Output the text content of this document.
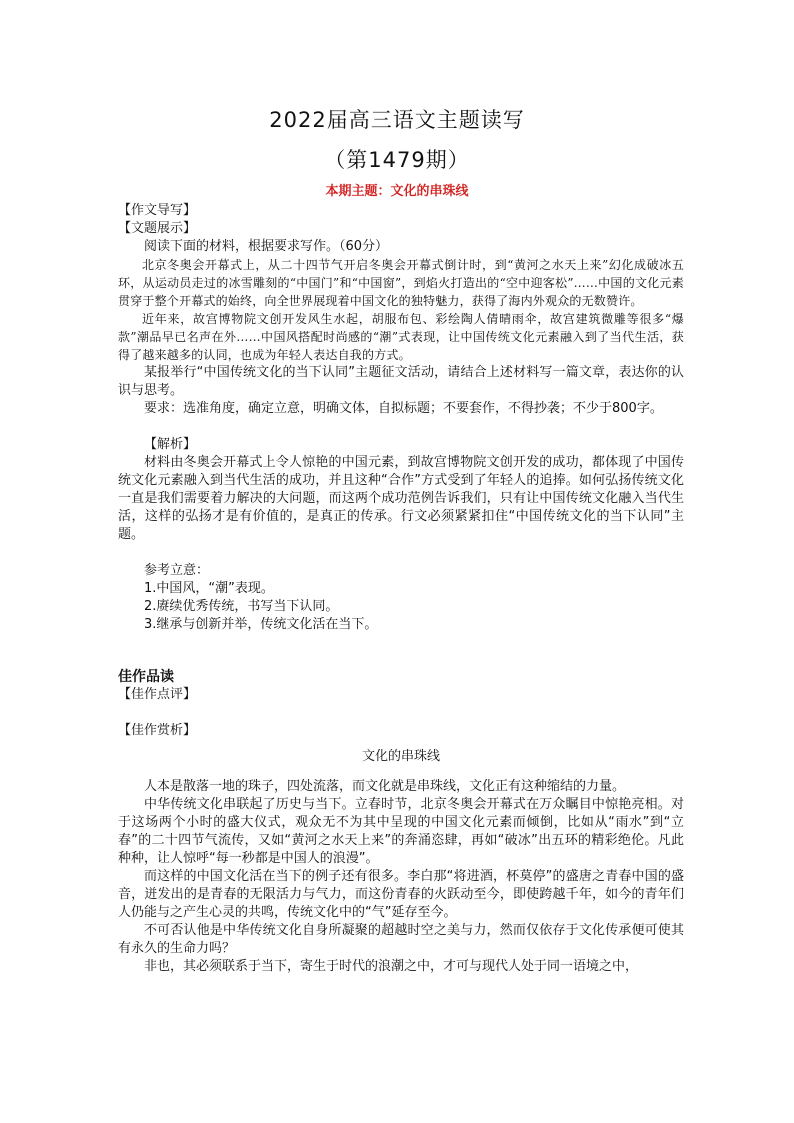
2022届高三语文主题读写
（第1479期）
本期主题：文化的串珠线

【作文导写】

【文题展示】

阅读下面的材料，根据要求写作。（60分）

北京冬奥会开幕式上，从二十四节气开启冬奥会开幕式倒计时，到“黄河之水天上来”幻化成破冰五环，从运动员走过的冰雪雕刻的“中国门”和“中国窗”，到焰火打造出的“空中迎客松”……中国的文化元素贯穿于整个开幕式的始终，向全世界展现着中国文化的独特魅力，获得了海内外观众的无数赞许。

近年来，故宫博物院文创开发风生水起，胡服布包、彩绘陶人倩晴雨伞，故宫建筑微雕等很多“爆款”潮品早已名声在外……中国风搭配时尚感的“潮”式表现，让中国传统文化元素融入到了当代生活，获得了越来越多的认同，也成为年轻人表达自我的方式。

某报举行“中国传统文化的当下认同”主题征文活动，请结合上述材料写一篇文章，表达你的认识与思考。

要求：选准角度，确定立意，明确文体，自拟标题；不要套作，不得抄袭；不少于800字。

【解析】

材料由冬奥会开幕式上令人惊艳的中国元素，到故宫博物院文创开发的成功，都体现了中国传统文化元素融入到当代生活的成功，并且这种“合作”方式受到了年轻人的追捧。如何弘扬传统文化一直是我们需要着力解决的大问题，而这两个成功范例告诉我们，只有让中国传统文化融入当代生活，这样的弘扬才是有价值的，是真正的传承。行文必须紧紧扣住“中国传统文化的当下认同”主题。

参考立意：

1.中国风，“潮”表现。
2.赓续优秀传统，书写当下认同。
3.继承与创新并举，传统文化活在当下。

佳作品读

【佳作点评】

【佳作赏析】

文化的串珠线

人本是散落一地的珠子，四处流落，而文化就是串珠线，文化正有这种缩结的力量。

中华传统文化串联起了历史与当下。立春时节，北京冬奥会开幕式在万众瞩目中惊艳亮相。对于这场两个小时的盛大仪式，观众无不为其中呈现的中国文化元素而倾倒，比如从“雨水”到“立春”的二十四节气流传，又如“黄河之水天上来”的奔涌恣肆，再如“破冰”出五环的精彩绝伦。凡此种种，让人惊呼“每一秒都是中国人的浪漫”。

而这样的中国文化活在当下的例子还有很多。李白那“将进酒，杯莫停”的盛唐之青春中国的盛音，迸发出的是青春的无限活力与气力，而这份青春的火跃动至今，即使跨越千年，如今的青年们人仍能与之产生心灵的共鸣，传统文化中的“气”延存至今。

不可否认他是中华传统文化自身所凝聚的超越时空之美与力，然而仅依存于文化传承便可使其有永久的生命力吗？

非也，其必须联系于当下，寄生于时代的浪潮之中，才可与现代人处于同一语境之中，
